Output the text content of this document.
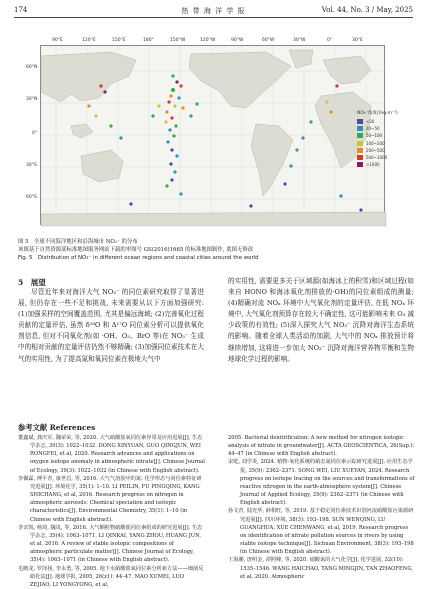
174	热 带 海 洋 学 报	Vol. 44, No. 3 / May, 2025
90°E	120°E	150°E	180°	150°W	120°W	90°W	60°W	30°W	0°	30°E
60°N
30°N
0°
30°S
60°S
NO₃⁻浓度/(ng·m⁻³)
<20
20~50
50~100
100~200
200~500
500~1000
>1000
图 5　全球不同海洋地区和沿海城市 NO₃⁻ 的分布
该图基于自然资源部标准地图服务网站下载的审图号 GS(2016)1665 的标准地图制作, 底图无修改
Fig. 5　Distribution of NO₃⁻ in different ocean regions and coastal cities around the world
5　展望

尽管近年来对海洋大气 NO₃⁻ 的同位素研究取得了显著进展, 但仍存在一些不足和挑战, 未来需要从以下方面加强研究: (1)加强采样的空间覆盖范围, 尤其是偏远海域; (2)完善氧化过程贡献的定量评估, 虽然 δ¹⁸O 和 Δ¹⁷O 同位素分析可以提供氧化剂信息, 但对不同氧化剂(如 ·OH、O₃、BrO 等)在 NO₃⁻ 生成中的相对贡献的定量评估仍然不够精确; (3)加强同位素技术在大气的实用性, 为了提高氮和氧同位素在极地大气中

的实用性, 需要更多关于区域源(如海冰上的积雪)和区域过程(如来自 HONO 和海冰氧化剂排放的·OH)的同位素组成的测量; (4)精确对流 NOₓ 环境中大气氧化剂的定量评估, 在低 NOₓ 环境中, 大气氧化剂预算存在较大不确定性, 这可能影响未来 O₃ 减少政策的有效性; (5)深入探究大气 NO₃⁻ 沉降对海洋生态系统的影响。随着全球人类活动的加剧, 大气中的 NOₓ 排放预计将继续增加, 这将进一步加大 NO₃⁻ 沉降对海洋营养物平衡和生物地球化学过程的影响。

参考文献 References
董鑫斌, 龚庆军, 魏荣荣, 等, 2020. 大气硝酸盐氧同位素异常及应用进展[J]. 生态学杂志, 39(3): 1022–1032. DONG XINYUAN, GUO QINGJUN, WEI RONGFEI, et al, 2020. Research advances and applications on oxygen isotope anomaly in atmospheric nitrate[J]. Chinese Journal of Ecology, 39(3): 1022–1032 (in Chinese with English abstract).
李佩霖, 傅平青, 康世昌, 等, 2016. 大气气溶胶中的氮: 化学形态与同位素特征研究进展[J]. 环境化学, 35(1): 1–10. LI PEILIN, FU PINGQING, KANG SHICHANG, et al, 2016. Research progress on nitrogen in atmospheric aerosols: Chemical speciation and isotopic characteristics[J]. Environmental Chemistry, 35(1): 1–10 (in Chinese with English abstract).
李亲凯, 杨琦, 魏岚, 等, 2016. 大气颗粒物硝酸盐同位素组成的研究进展[J]. 生态学杂志, 35(4): 1063–1071. LI QINKAI, YANG ZHOU, HUANG JUN, et al, 2016. A review of stable isotopic compositions of atmospheric particulate matter[J]. Chinese Journal of Ecology, 35(4): 1063–1071 (in Chinese with English abstract).
毛瞻龙, 罗泽扬, 李永勇, 等, 2005. 地下水硝酸盐氮同位素分析新方法——细菌反硝化法[J]. 地球学报, 2005, 26(z1): 44–47. MAO XUMEI, LUO ZEJIAO, LI YONGYONG, et al,
2005. Bacterial denitrification: A new method for nitrogen isotopic analysis of nitrate in groundwater[J]. ACTA GEOSCIENTICA, 26(Sup.): 44–47 (in Chinese with English abstract).
宋屹, 刘学炎, 2024. 植物-氧化系统的硝态氮同位素示踪研究进展[J]. 应用生态学报, 35(9): 2362–2371. SONG WEI, LIU XUEYAN, 2024. Research progress on isotope tracing on the sources and transformations of reactive nitrogen in the earth-atmosphere system[J]. Chinese Journal of Applied Ecology, 35(9): 2362–2371 (in Chinese with English abstract).
孙文青, 陆光华, 薛相旺, 等, 2019. 基于稳定同位素技术识别河流硝酸盐污染源研究进展[J]. 四川环境, 38(3): 193–198. SUN WENQING, LU GUANGHUA, XUE CHENWANG, et al, 2019. Research progress on identification of nitrate pollution sources in rivers by using stable isotope technique[J]. Sichuan Environment, 38(3): 193–198 (in Chinese with English abstract).
王海潮, 唐明金, 谭照峰, 等, 2020. 硝酸氮的大气化学[J]. 化学进展, 32(10): 1535–1546. WANG HAICHAO, TANG MINGJIN, TAN ZHAOFENG, et al, 2020. Atmospheric
